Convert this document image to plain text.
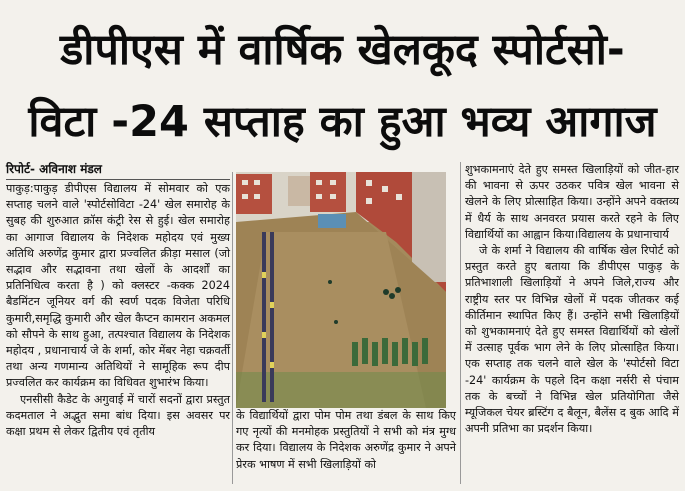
डीपीएस में वार्षिक खेलकूद स्पोर्टसो-
विटा -24 सप्ताह का हुआ भव्य आगाज
रिपोर्ट- अविनाश मंडल

पाकुड़:पाकुड़ डीपीएस विद्यालय में सोमवार को एक सप्ताह चलने वाले 'स्पोर्टसोविटा -24' खेल समारोह के सुबह की शुरुआत क्रॉस कंट्री रेस से हुई। खेल समारोह का आगाज विद्यालय के निदेशक महोदय एवं मुख्य अतिथि अरुणेंद्र कुमार द्वारा प्रज्वलित क्रीड़ा मसाल (जो सद्भाव और सद्भावना तथा खेलों के आदर्शों का प्रतिनिधित्व करता है ) को क्लस्टर -कक्क 2024 बैडमिंटन जूनियर वर्ग की स्वर्ण पदक विजेता परिधि कुमारी,समृद्धि कुमारी और खेल कैप्टन कामरान अकमल को सौपने के साथ हुआ, तत्पश्चात विद्यालय के निदेशक महोदय , प्रधानाचार्य जे के शर्मा, कोर मेंबर नेहा चक्रवर्ती तथा अन्य गणमान्य अतिथियों ने सामूहिक रूप दीप प्रज्वलित कर कार्यक्रम का विधिवत शुभारंभ किया।

एनसीसी कैडेट के अगुवाई में चारों सदनों द्वारा प्रस्तुत कदमताल ने अद्भुत समा बांध दिया। इस अवसर पर कक्षा प्रथम से लेकर द्वितीय एवं तृतीय

के विद्यार्थियों द्वारा पोम पोम तथा डंबल के साथ किए गए नृत्यों की मनमोहक प्रस्तुतियों ने सभी को मंत्र मुग्ध कर दिया। विद्यालय के निदेशक अरुणेंद्र कुमार ने अपने प्रेरक भाषण में सभी खिलाड़ियों को

शुभकामनाएं देते हुए समस्त खिलाड़ियों को जीत-हार की भावना से ऊपर उठकर पवित्र खेल भावना से खेलने के लिए प्रोत्साहित किया। उन्होंने अपने वक्तव्य में धैर्य के साथ अनवरत प्रयास करते रहने के लिए विद्यार्थियों का आह्वान किया।विद्यालय के प्रधानाचार्य

जे के शर्मा ने विद्यालय की वार्षिक खेल रिपोर्ट को प्रस्तुत करते हुए बताया कि डीपीएस पाकुड़ के प्रतिभाशाली खिलाड़ियों ने अपने जिले,राज्य और राष्ट्रीय स्तर पर विभिन्न खेलों में पदक जीतकर कई कीर्तिमान स्थापित किए हैं। उन्होंने सभी खिलाड़ियों को शुभकामनाएं देते हुए समस्त विद्यार्थियों को खेलों में उत्साह पूर्वक भाग लेने के लिए प्रोत्साहित किया। एक सप्ताह तक चलने वाले खेल के 'स्पोर्टसो विटा -24' कार्यक्रम के पहले दिन कक्षा नर्सरी से पंचाम तक के बच्चों ने विभिन्न खेल प्रतियोगिता जैसे म्यूजिकल चेयर ब्रस्टिंग द बैलून, बैलेंस द बुक आदि में अपनी प्रतिभा का प्रदर्शन किया।
